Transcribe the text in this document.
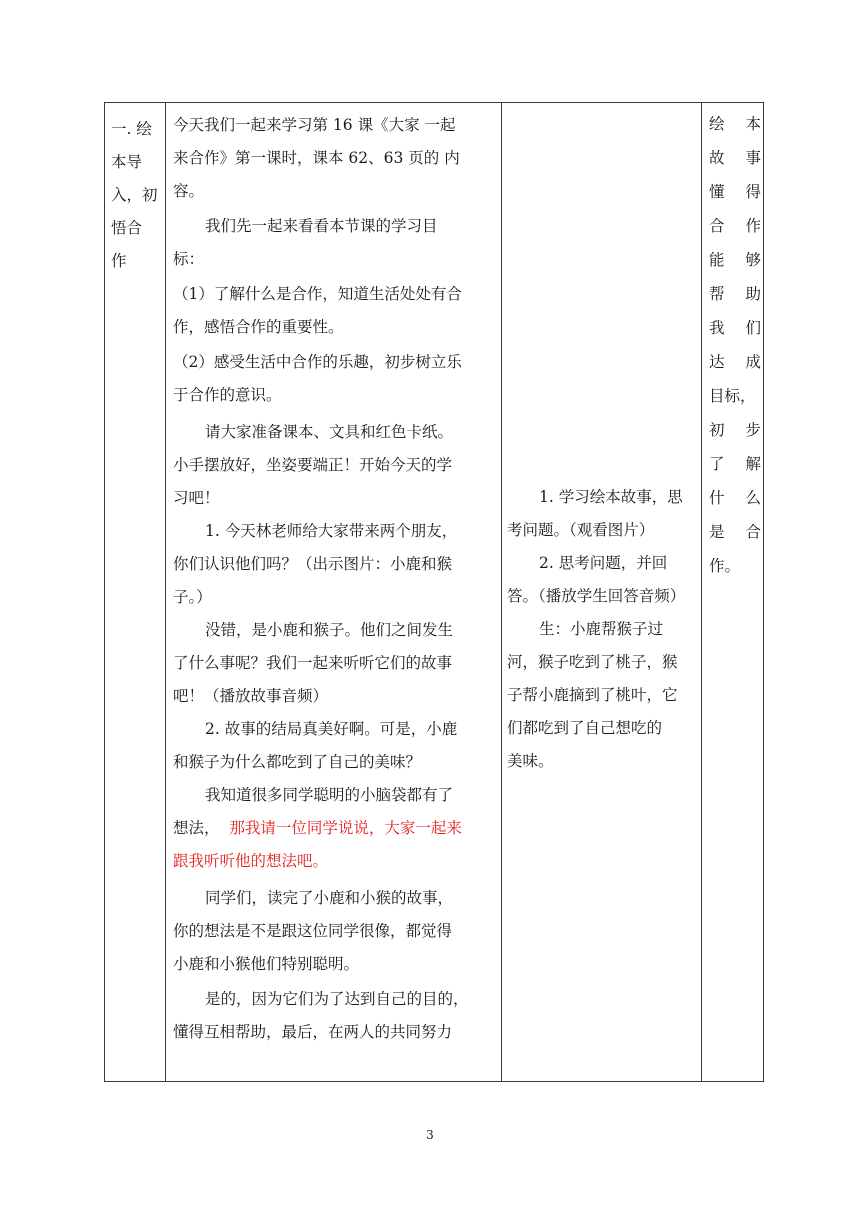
一. 绘

本导

入，初

悟合

作

今天我们一起来学习第 16 课《大家 一起

来合作》第一课时，课本 62、63 页的 内

容。

我们先一起来看看本节课的学习目

标：

（1）了解什么是合作，知道生活处处有合

作，感悟合作的重要性。

（2）感受生活中合作的乐趣，初步树立乐

于合作的意识。

请大家准备课本、文具和红色卡纸。

小手摆放好，坐姿要端正！开始今天的学

习吧！

1. 今天林老师给大家带来两个朋友，

你们认识他们吗？（出示图片：小鹿和猴

子。）

没错，是小鹿和猴子。他们之间发生

了什么事呢？我们一起来听听它们的故事

吧！（播放故事音频）

2. 故事的结局真美好啊。可是，小鹿

和猴子为什么都吃到了自己的美味？

我知道很多同学聪明的小脑袋都有了

想法，  那我请一位同学说说，大家一起来

跟我听听他的想法吧。

同学们，读完了小鹿和小猴的故事，

你的想法是不是跟这位同学很像，都觉得

小鹿和小猴他们特别聪明。

是的，因为它们为了达到自己的目的，

懂得互相帮助，最后，在两人的共同努力

1. 学习绘本故事，思

考问题。（观看图片）

2. 思考问题，并回

答。（播放学生回答音频）

生：小鹿帮猴子过

河，猴子吃到了桃子，猴

子帮小鹿摘到了桃叶，它

们都吃到了自己想吃的

美味。

绘 本
故 事
懂 得
合 作
能 够
帮 助
我 们
达 成
目标，
初 步
了 解
什 么
是 合
作。
3
